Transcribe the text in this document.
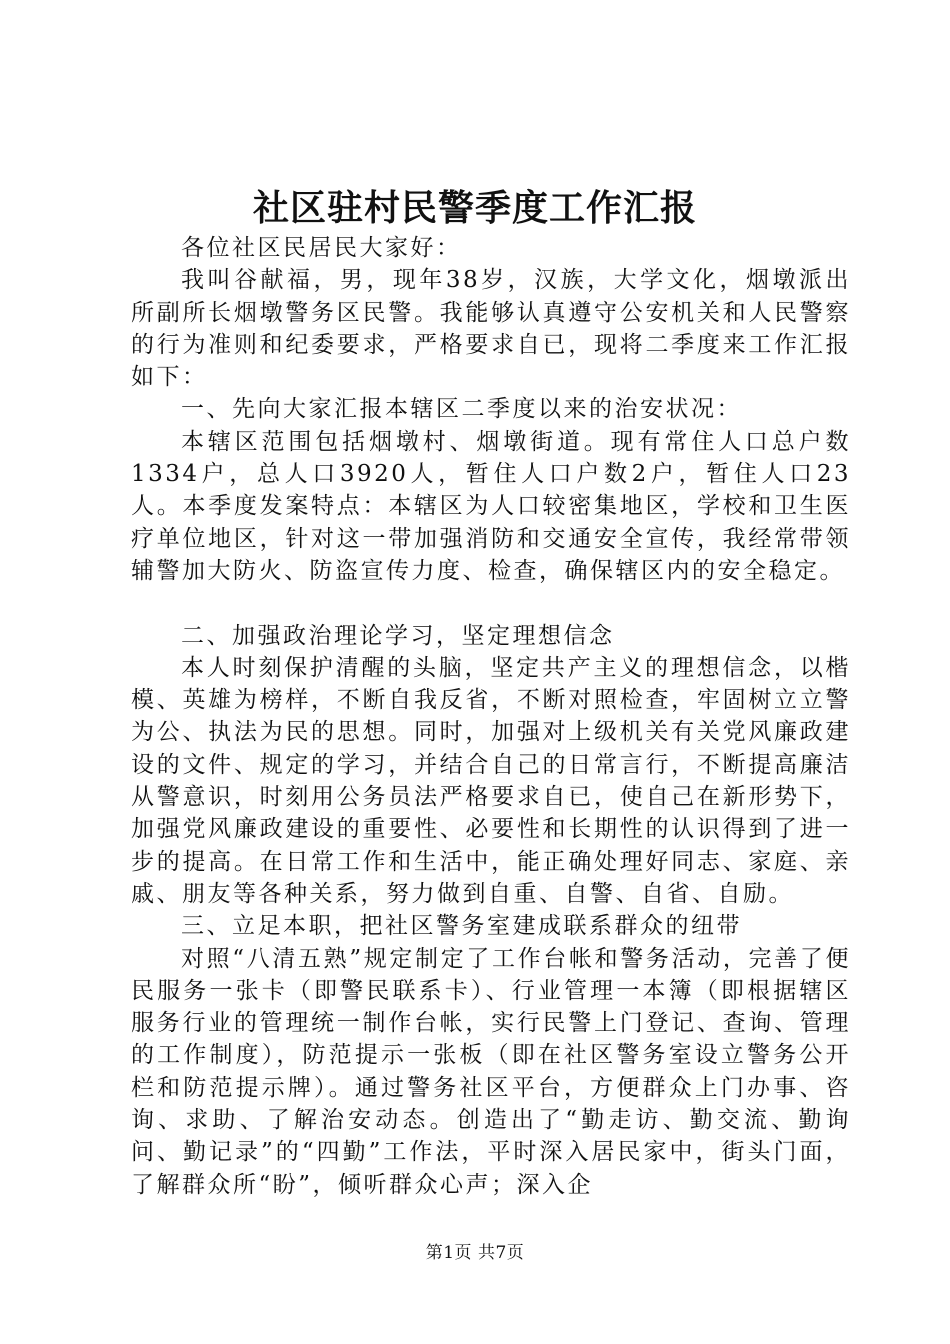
社区驻村民警季度工作汇报

各位社区民居民大家好：

我叫谷献福，男，现年38岁，汉族，大学文化，烟墩派出所副所长烟墩警务区民警。我能够认真遵守公安机关和人民警察的行为准则和纪委要求，严格要求自已，现将二季度来工作汇报如下：

一、先向大家汇报本辖区二季度以来的治安状况：

本辖区范围包括烟墩村、烟墩街道。现有常住人口总户数1334户，总人口3920人，暂住人口户数2户，暂住人口23人。本季度发案特点：本辖区为人口较密集地区，学校和卫生医疗单位地区，针对这一带加强消防和交通安全宣传，我经常带领辅警加大防火、防盗宣传力度、检查，确保辖区内的安全稳定。

二、加强政治理论学习，坚定理想信念

本人时刻保护清醒的头脑，坚定共产主义的理想信念，以楷模、英雄为榜样，不断自我反省，不断对照检查，牢固树立立警为公、执法为民的思想。同时，加强对上级机关有关党风廉政建设的文件、规定的学习，并结合自己的日常言行，不断提高廉洁从警意识，时刻用公务员法严格要求自已，使自己在新形势下，加强党风廉政建设的重要性、必要性和长期性的认识得到了进一步的提高。在日常工作和生活中，能正确处理好同志、家庭、亲戚、朋友等各种关系，努力做到自重、自警、自省、自励。

三、立足本职，把社区警务室建成联系群众的纽带

对照“八清五熟”规定制定了工作台帐和警务活动，完善了便民服务一张卡（即警民联系卡）、行业管理一本簿（即根据辖区服务行业的管理统一制作台帐，实行民警上门登记、查询、管理的工作制度），防范提示一张板（即在社区警务室设立警务公开栏和防范提示牌）。通过警务社区平台，方便群众上门办事、咨询、求助、了解治安动态。创造出了“勤走访、勤交流、勤询问、勤记录”的“四勤”工作法，平时深入居民家中，街头门面，了解群众所“盼”，倾听群众心声；深入企

第1页 共7页
